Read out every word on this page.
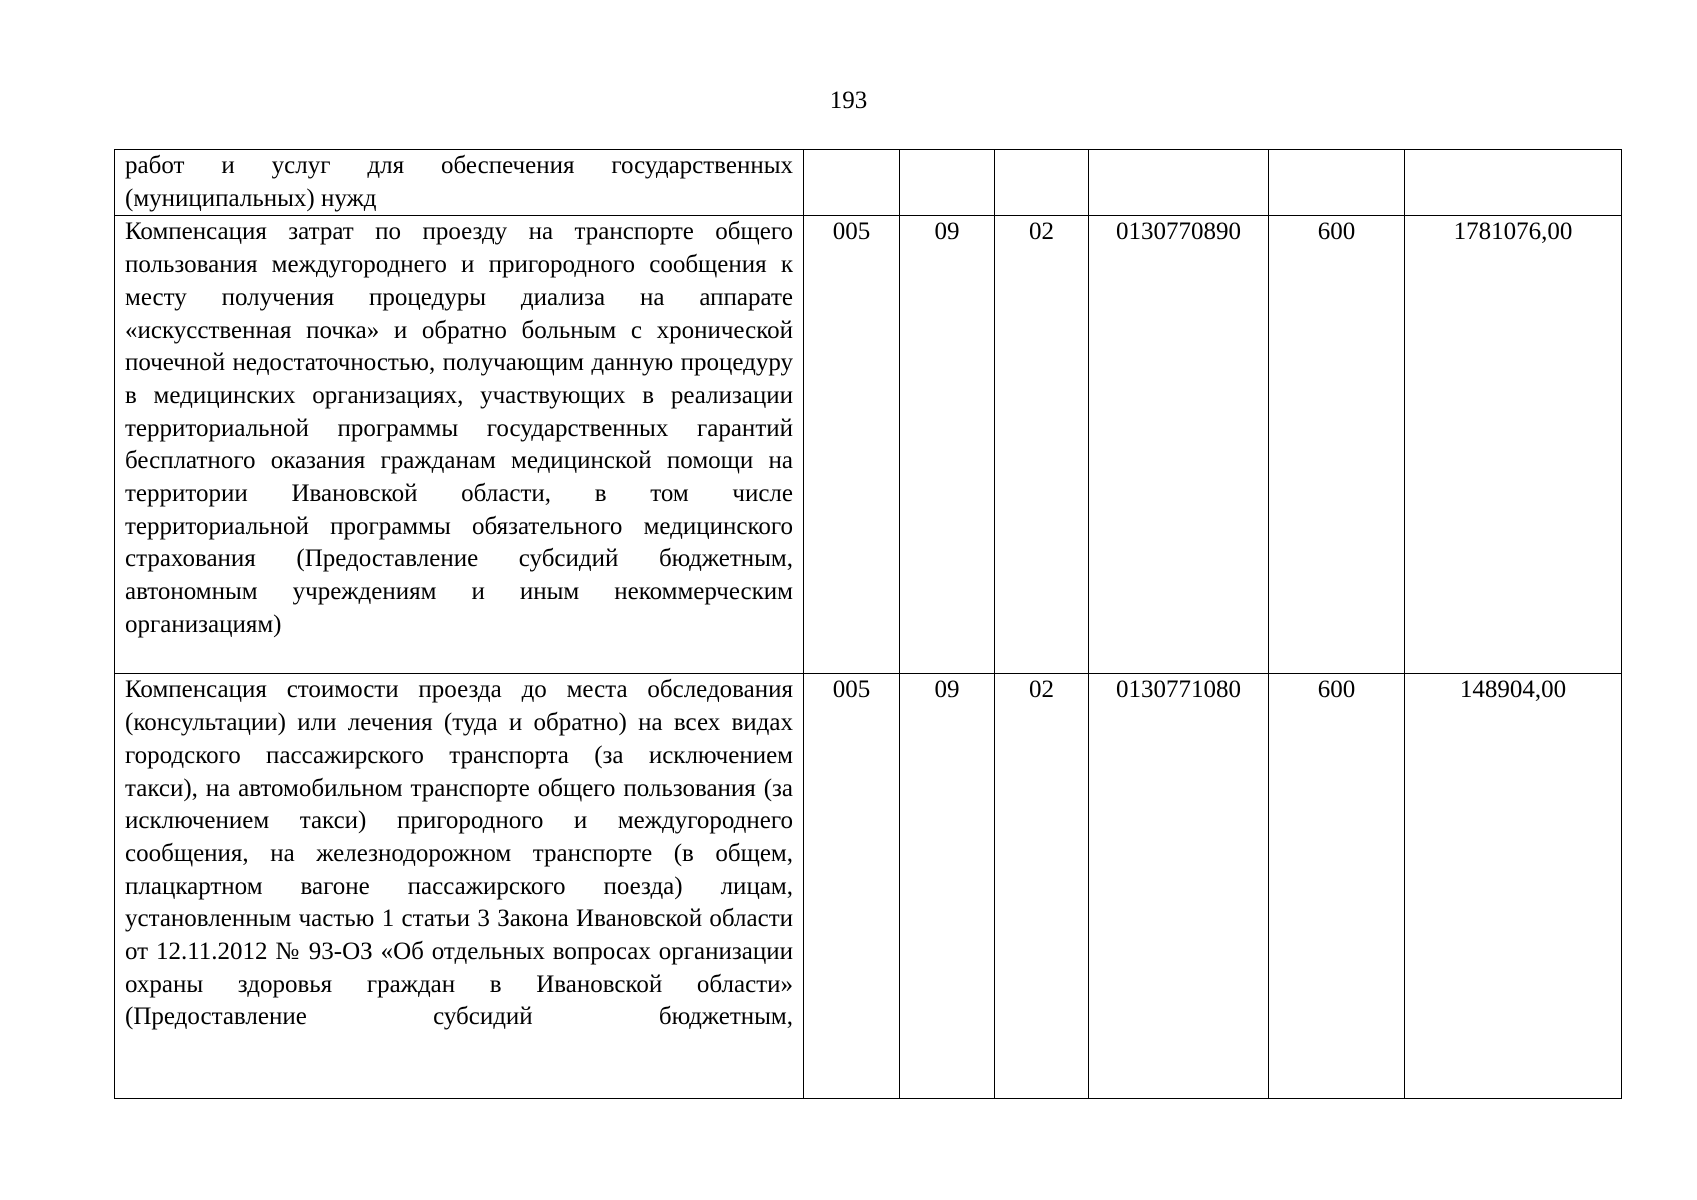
193
работ и услуг для обеспечения государственных (муниципальных) нужд						
Компенсация затрат по проезду на транспорте общего пользования междугороднего и пригородного сообщения к месту получения процедуры диализа на аппарате «искусственная почка» и обратно больным с хронической почечной недостаточностью, получающим данную процедуру в медицинских организациях, участвующих в реализации территориальной программы государственных гарантий бесплатного оказания гражданам медицинской помощи на территории Ивановской области, в том числе территориальной программы обязательного медицинского страхования (Предоставление субсидий бюджетным, автономным учреждениям и иным некоммерческим организациям)	005	09	02	0130770890	600	1781076,00
Компенсация стоимости проезда до места обследования (консультации) или лечения (туда и обратно) на всех видах городского пассажирского транспорта (за исключением такси), на автомобильном транспорте общего пользования (за исключением такси) пригородного и междугороднего сообщения, на железнодорожном транспорте (в общем, плацкартном вагоне пассажирского поезда) лицам, установленным частью 1 статьи 3 Закона Ивановской области от 12.11.2012 № 93-ОЗ «Об отдельных вопросах организации охраны здоровья граждан в Ивановской области» (Предоставление субсидий бюджетным,	005	09	02	0130771080	600	148904,00
